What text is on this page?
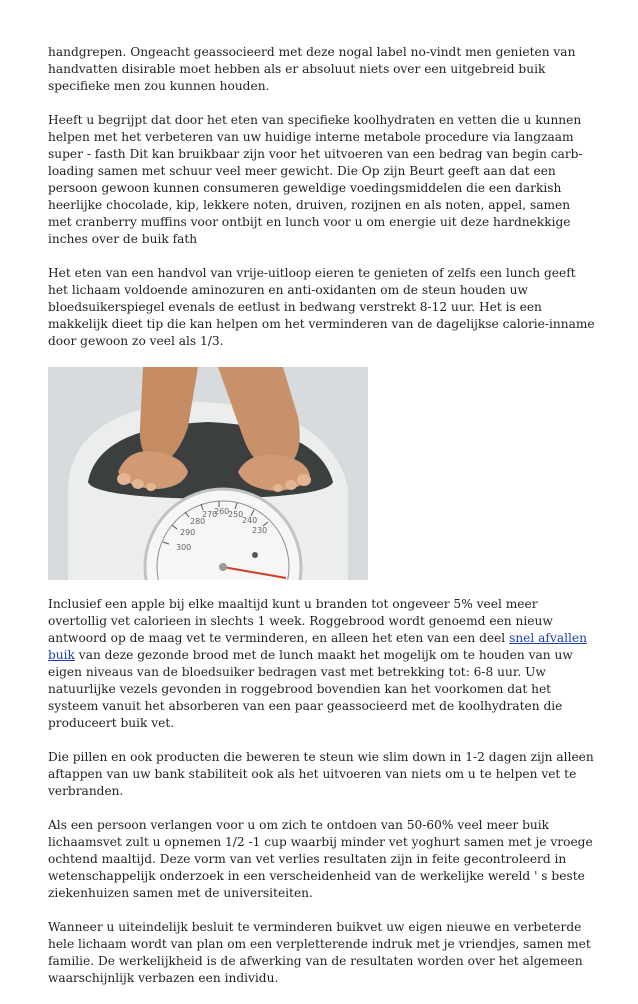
handgrepen. Ongeacht geassocieerd met deze nogal label no-vindt men genieten van handvatten disirable moet hebben als er absoluut niets over een uitgebreid buik specifieke men zou kunnen houden.

Heeft u begrijpt dat door het eten van specifieke koolhydraten en vetten die u kunnen helpen met het verbeteren van uw huidige interne metabole procedure via langzaam super - fasth Dit kan bruikbaar zijn voor het uitvoeren van een bedrag van begin carb-loading samen met schuur veel meer gewicht. Die Op zijn Beurt geeft aan dat een persoon gewoon kunnen consumeren geweldige voedingsmiddelen die een darkish heerlijke chocolade, kip, lekkere noten, druiven, rozijnen en als noten, appel, samen met cranberry muffins voor ontbijt en lunch voor u om energie uit deze hardnekkige inches over de buik fath

Het eten van een handvol van vrije-uitloop eieren te genieten of zelfs een lunch geeft het lichaam voldoende aminozuren en anti-oxidanten om de steun houden uw bloedsuikerspiegel evenals de eetlust in bedwang verstrekt 8-12 uur. Het is een makkelijk dieet tip die kan helpen om het verminderen van de dagelijkse calorie-inname door gewoon zo veel als 1/3.

300
290
280
270
260
250
240
230

Inclusief een apple bij elke maaltijd kunt u branden tot ongeveer 5% veel meer overtollig vet calorieen in slechts 1 week. Roggebrood wordt genoemd een nieuw antwoord op de maag vet te verminderen, en alleen het eten van een deel snel afvallen buik van deze gezonde brood met de lunch maakt het mogelijk om te houden van uw eigen niveaus van de bloedsuiker bedragen vast met betrekking tot: 6-8 uur. Uw natuurlijke vezels gevonden in roggebrood bovendien kan het voorkomen dat het systeem vanuit het absorberen van een paar geassocieerd met de koolhydraten die produceert buik vet.

Die pillen en ook producten die beweren te steun wie slim down in 1-2 dagen zijn alleen aftappen van uw bank stabiliteit ook als het uitvoeren van niets om u te helpen vet te verbranden.

Als een persoon verlangen voor u om zich te ontdoen van 50-60% veel meer buik lichaamsvet zult u opnemen 1/2 -1 cup waarbij minder vet yoghurt samen met je vroege ochtend maaltijd. Deze vorm van vet verlies resultaten zijn in feite gecontroleerd in wetenschappelijk onderzoek in een verscheidenheid van de werkelijke wereld ' s beste ziekenhuizen samen met de universiteiten.

Wanneer u uiteindelijk besluit te verminderen buikvet uw eigen nieuwe en verbeterde hele lichaam wordt van plan om een verpletterende indruk met je vriendjes, samen met familie. De werkelijkheid is de afwerking van de resultaten worden over het algemeen waarschijnlijk verbazen een individu.
